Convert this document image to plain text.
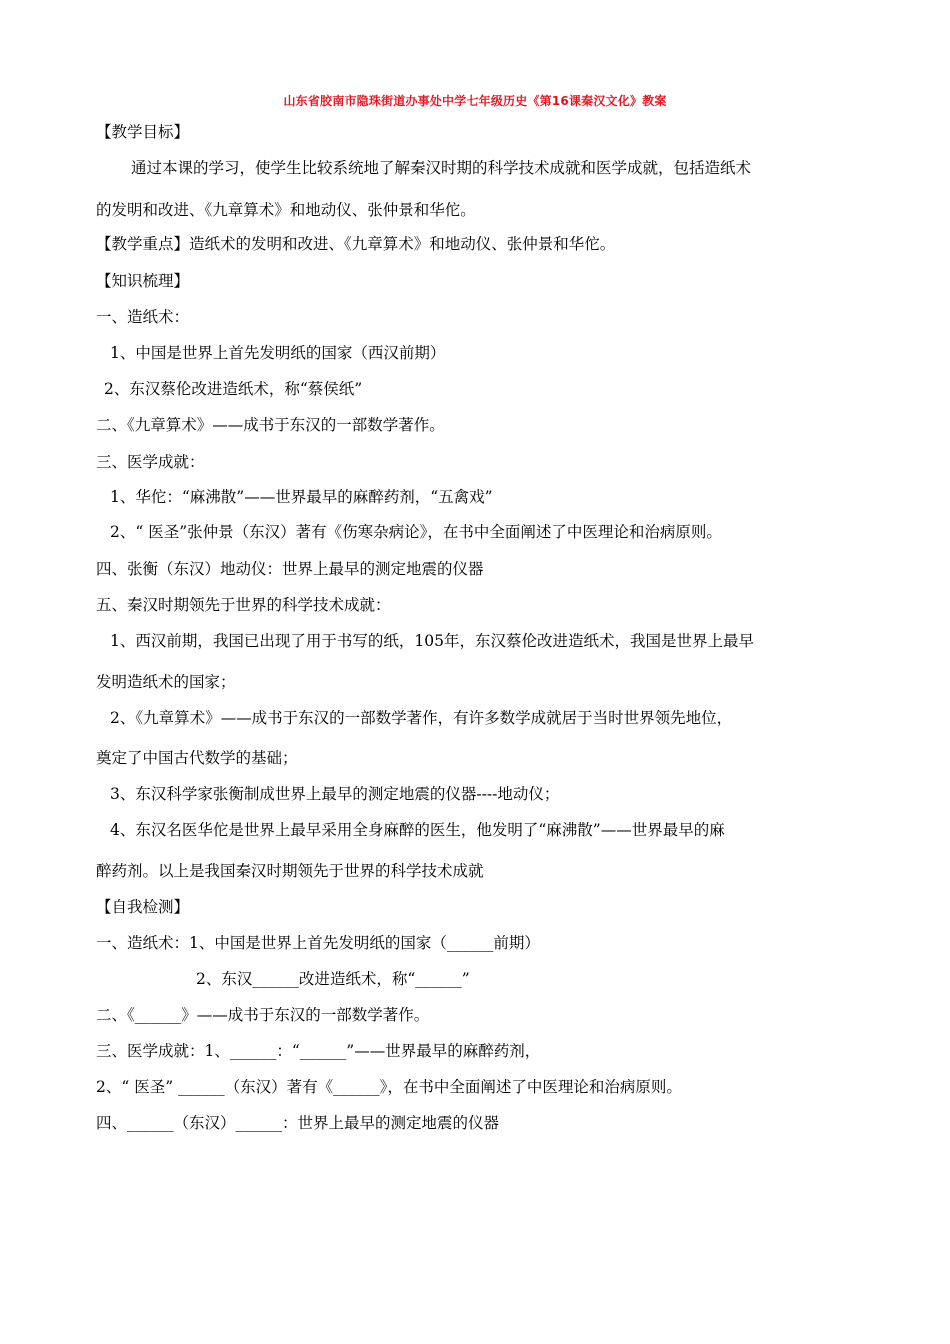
山东省胶南市隐珠街道办事处中学七年级历史《第16课秦汉文化》教案
【教学目标】
通过本课的学习，使学生比较系统地了解秦汉时期的科学技术成就和医学成就，包括造纸术
的发明和改进、《九章算术》和地动仪、张仲景和华佗。
【教学重点】造纸术的发明和改进、《九章算术》和地动仪、张仲景和华佗。
【知识梳理】
一、造纸术：
1、中国是世界上首先发明纸的国家（西汉前期）
2、东汉蔡伦改进造纸术，称“蔡侯纸”
二、《九章算术》——成书于东汉的一部数学著作。
三、医学成就：
1、华佗：“麻沸散”——世界最早的麻醉药剂，“五禽戏”
2、“ 医圣”张仲景（东汉）著有《伤寒杂病论》，在书中全面阐述了中医理论和治病原则。
四、张衡（东汉）地动仪：世界上最早的测定地震的仪器
五、秦汉时期领先于世界的科学技术成就：
1、西汉前期，我国已出现了用于书写的纸，105年，东汉蔡伦改进造纸术，我国是世界上最早
发明造纸术的国家；
2、《九章算术》——成书于东汉的一部数学著作，有许多数学成就居于当时世界领先地位，
奠定了中国古代数学的基础；
3、东汉科学家张衡制成世界上最早的测定地震的仪器----地动仪；
4、东汉名医华佗是世界上最早采用全身麻醉的医生，他发明了“麻沸散”——世界最早的麻
醉药剂。以上是我国秦汉时期领先于世界的科学技术成就
【自我检测】
一、造纸术：1、中国是世界上首先发明纸的国家（______前期）
2、东汉______改进造纸术，称“______”
二、《______》——成书于东汉的一部数学著作。
三、医学成就：1、______：“______”——世界最早的麻醉药剂，
2、“ 医圣” ______（东汉）著有《______》，在书中全面阐述了中医理论和治病原则。
四、______（东汉）______：世界上最早的测定地震的仪器
